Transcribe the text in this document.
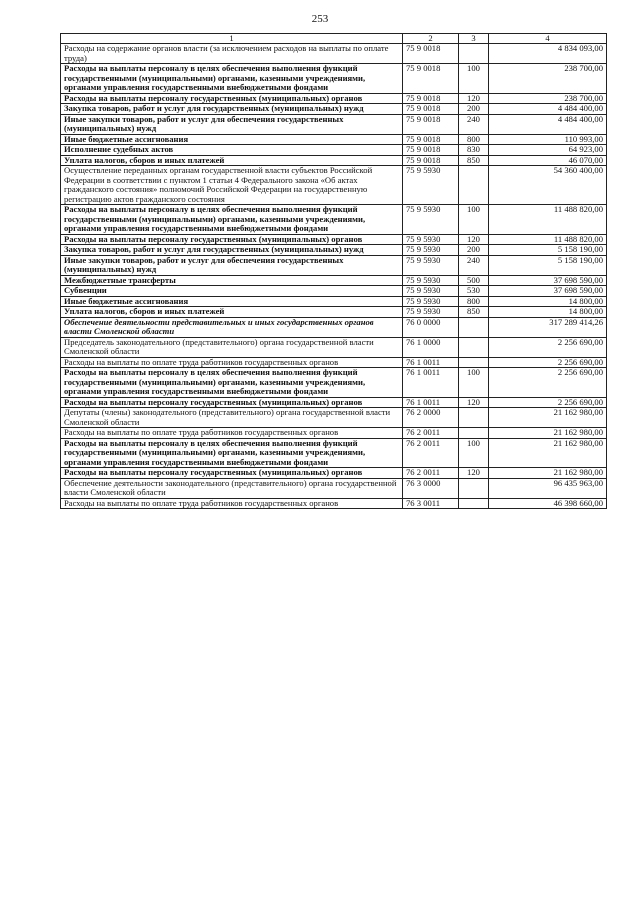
253
1	2	3	4
Расходы на содержание органов власти (за исключением расходов на выплаты по оплате труда)	75 9 0018		4 834 093,00
Расходы на выплаты персоналу в целях обеспечения выполнения функций государственными (муниципальными) органами, казенными учреждениями, органами управления государственными внебюджетными фондами	75 9 0018	100	238 700,00
Расходы на выплаты персоналу государственных (муниципальных) органов	75 9 0018	120	238 700,00
Закупка товаров, работ и услуг для государственных (муниципальных) нужд	75 9 0018	200	4 484 400,00
Иные закупки товаров, работ и услуг для обеспечения государственных (муниципальных) нужд	75 9 0018	240	4 484 400,00
Иные бюджетные ассигнования	75 9 0018	800	110 993,00
Исполнение судебных актов	75 9 0018	830	64 923,00
Уплата налогов, сборов и иных платежей	75 9 0018	850	46 070,00
Осуществление переданных органам государственной власти субъектов Российской Федерации в соответствии с пунктом 1 статьи 4 Федерального закона «Об актах гражданского состояния» полномочий Российской Федерации на государственную регистрацию актов гражданского состояния	75 9 5930		54 360 400,00
Расходы на выплаты персоналу в целях обеспечения выполнения функций государственными (муниципальными) органами, казенными учреждениями, органами управления государственными внебюджетными фондами	75 9 5930	100	11 488 820,00
Расходы на выплаты персоналу государственных (муниципальных) органов	75 9 5930	120	11 488 820,00
Закупка товаров, работ и услуг для государственных (муниципальных) нужд	75 9 5930	200	5 158 190,00
Иные закупки товаров, работ и услуг для обеспечения государственных (муниципальных) нужд	75 9 5930	240	5 158 190,00
Межбюджетные трансферты	75 9 5930	500	37 698 590,00
Субвенции	75 9 5930	530	37 698 590,00
Иные бюджетные ассигнования	75 9 5930	800	14 800,00
Уплата налогов, сборов и иных платежей	75 9 5930	850	14 800,00
Обеспечение деятельности представительных и иных государственных органов власти Смоленской области	76 0 0000		317 289 414,26
Председатель законодательного (представительного) органа государственной власти Смоленской области	76 1 0000		2 256 690,00
Расходы на выплаты по оплате труда работников государственных органов	76 1 0011		2 256 690,00
Расходы на выплаты персоналу в целях обеспечения выполнения функций государственными (муниципальными) органами, казенными учреждениями, органами управления государственными внебюджетными фондами	76 1 0011	100	2 256 690,00
Расходы на выплаты персоналу государственных (муниципальных) органов	76 1 0011	120	2 256 690,00
Депутаты (члены) законодательного (представительного) органа государственной власти Смоленской области	76 2 0000		21 162 980,00
Расходы на выплаты по оплате труда работников государственных органов	76 2 0011		21 162 980,00
Расходы на выплаты персоналу в целях обеспечения выполнения функций государственными (муниципальными) органами, казенными учреждениями, органами управления государственными внебюджетными фондами	76 2 0011	100	21 162 980,00
Расходы на выплаты персоналу государственных (муниципальных) органов	76 2 0011	120	21 162 980,00
Обеспечение деятельности законодательного (представительного) органа государственной власти Смоленской области	76 3 0000		96 435 963,00
Расходы на выплаты по оплате труда работников государственных органов	76 3 0011		46 398 660,00
